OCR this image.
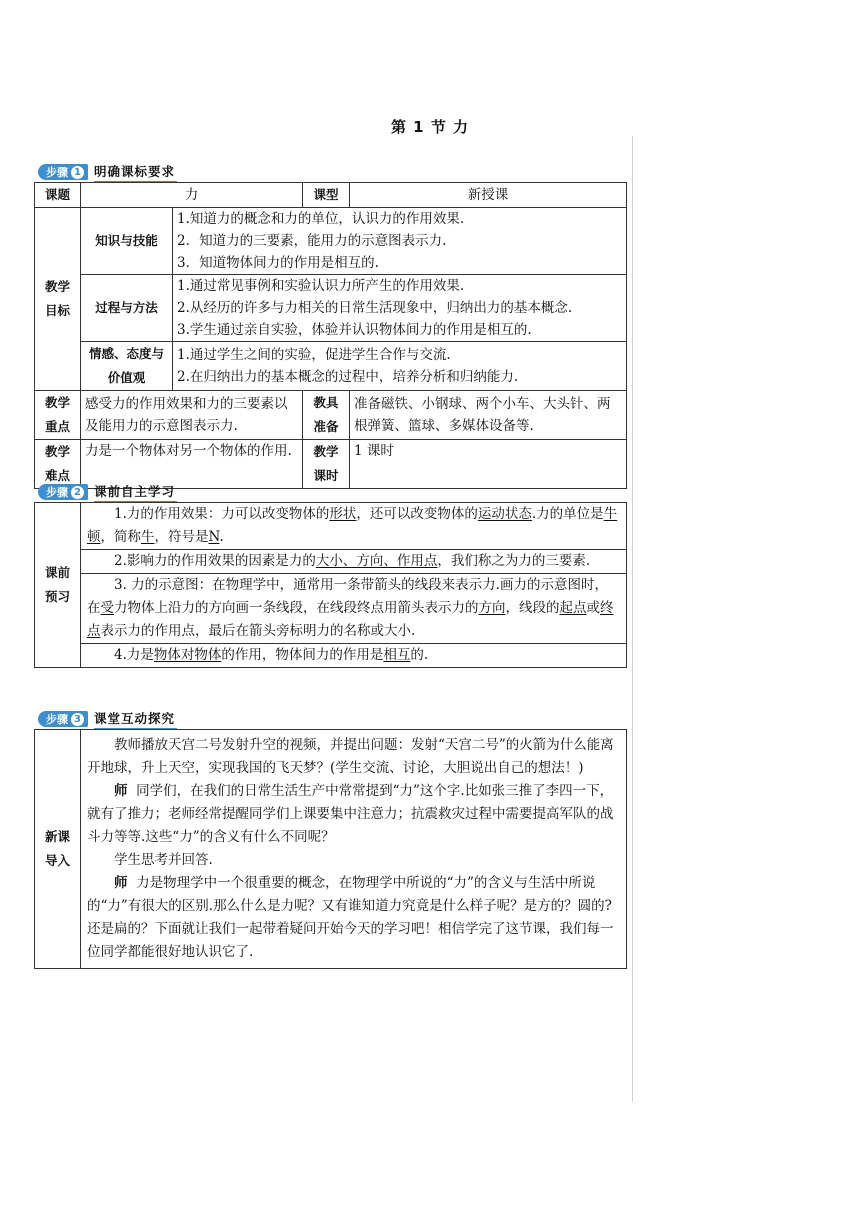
第 1 节 力
步骤 1 明确课标要求
课题	力		课型	新授课
教学目标	知识与技能	1.知道力的概念和力的单位，认识力的作用效果.
2．知道力的三要素，能用力的示意图表示力.
3．知道物体间力的作用是相互的.		

	过程与方法	1.通过常见事例和实验认识力所产生的作用效果.
2.从经历的许多与力相关的日常生活现象中，归纳出力的基本概念.
3.学生通过亲自实验，体验并认识物体间力的作用是相互的.		

	情感、态度与价值观	1.通过学生之间的实验，促进学生合作与交流.
2.在归纳出力的基本概念的过程中，培养分析和归纳能力.		

教学重点	感受力的作用效果和力的三要素以及能用力的示意图表示力.		教具准备	准备磁铁、小钢球、两个小车、大头针、两根弹簧、篮球、多媒体设备等.
教学难点	力是一个物体对另一个物体的作用.		教学课时	1 课时
步骤 2 课前自主学习
课前预习	1.力的作用效果：力可以改变物体的形状，还可以改变物体的运动状态.力的单位是牛顿，简称牛，符号是N.
2.影响力的作用效果的因素是力的大小、方向、作用点，我们称之为力的三要素.
3. 力的示意图：在物理学中，通常用一条带箭头的线段来表示力.画力的示意图时，在受力物体上沿力的方向画一条线段，在线段终点用箭头表示力的方向，线段的起点或终点表示力的作用点，最后在箭头旁标明力的名称或大小.
4.力是物体对物体的作用，物体间力的作用是相互的.
步骤 3 课堂互动探究
新课导入	
教师播放天宫二号发射升空的视频，并提出问题：发射“天宫二号”的火箭为什么能离开地球，升上天空，实现我国的飞天梦？(学生交流、讨论，大胆说出自己的想法！)
师 同学们，在我们的日常生活生产中常常提到“力”这个字.比如张三推了李四一下，就有了推力；老师经常提醒同学们上课要集中注意力；抗震救灾过程中需要提高军队的战斗力等等.这些“力”的含义有什么不同呢？
学生思考并回答.
师 力是物理学中一个很重要的概念，在物理学中所说的“力”的含义与生活中所说的“力”有很大的区别.那么什么是力呢？又有谁知道力究竟是什么样子呢？是方的？圆的?还是扁的？下面就让我们一起带着疑问开始今天的学习吧！相信学完了这节课，我们每一位同学都能很好地认识它了.
